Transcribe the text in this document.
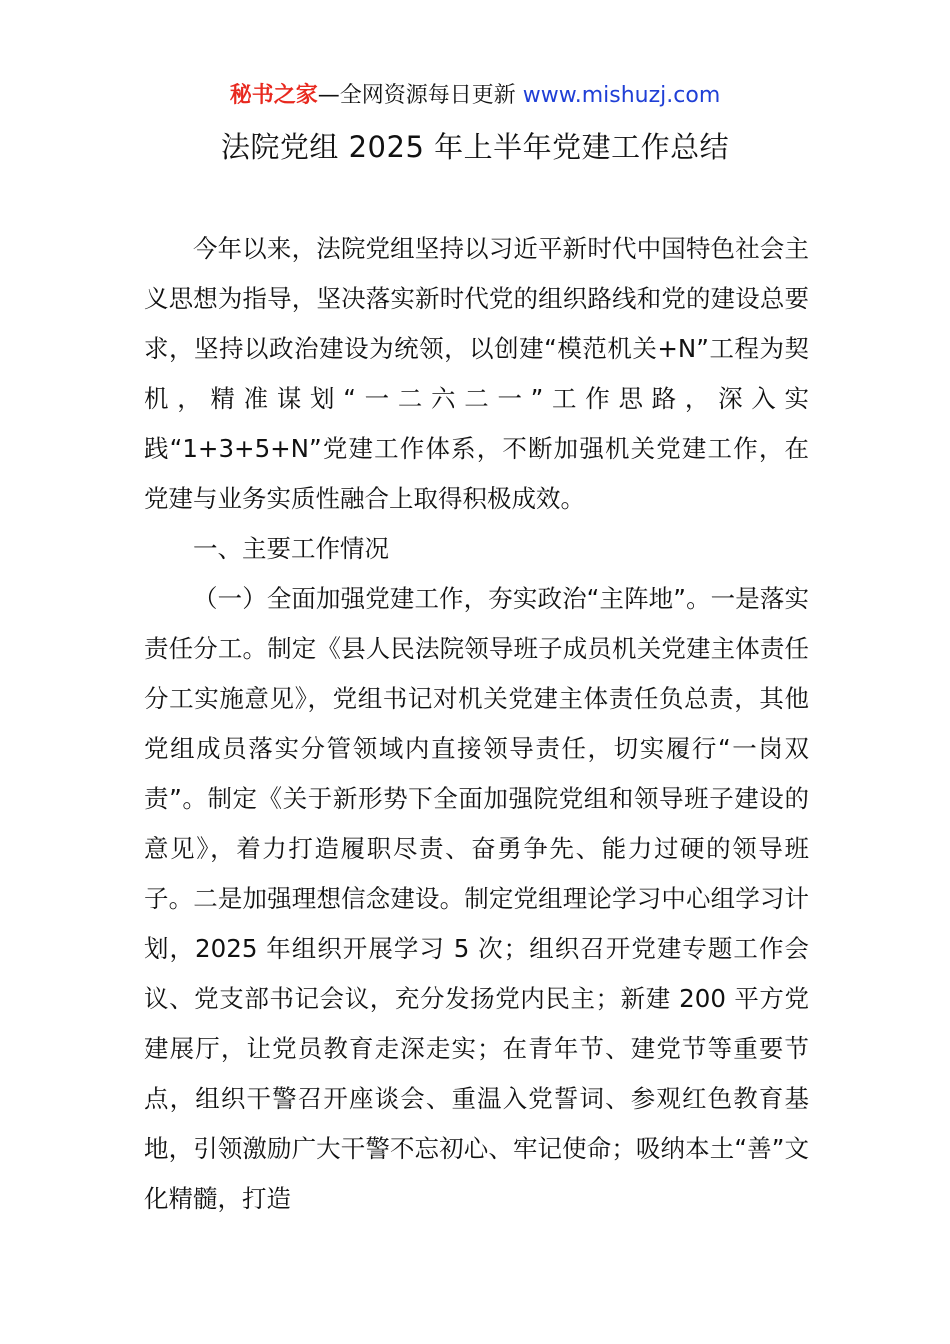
秘书之家—全网资源每日更新 www.mishuzj.com
法院党组 2025 年上半年党建工作总结

今年以来，法院党组坚持以习近平新时代中国特色社会主义思想为指导，坚决落实新时代党的组织路线和党的建设总要求，坚持以政治建设为统领，以创建“模范机关+N”工程为契机，精准谋划“一二六二一”工作思路，深入实践“1+3+5+N”党建工作体系，不断加强机关党建工作，在党建与业务实质性融合上取得积极成效。

一、主要工作情况

（一）全面加强党建工作，夯实政治“主阵地”。一是落实责任分工。制定《县人民法院领导班子成员机关党建主体责任分工实施意见》，党组书记对机关党建主体责任负总责，其他党组成员落实分管领域内直接领导责任，切实履行“一岗双责”。制定《关于新形势下全面加强院党组和领导班子建设的意见》，着力打造履职尽责、奋勇争先、能力过硬的领导班子。二是加强理想信念建设。制定党组理论学习中心组学习计划，2025 年组织开展学习 5 次；组织召开党建专题工作会议、党支部书记会议，充分发扬党内民主；新建 200 平方党建展厅，让党员教育走深走实；在青年节、建党节等重要节点，组织干警召开座谈会、重温入党誓词、参观红色教育基地，引领激励广大干警不忘初心、牢记使命；吸纳本土“善”文化精髓，打造
